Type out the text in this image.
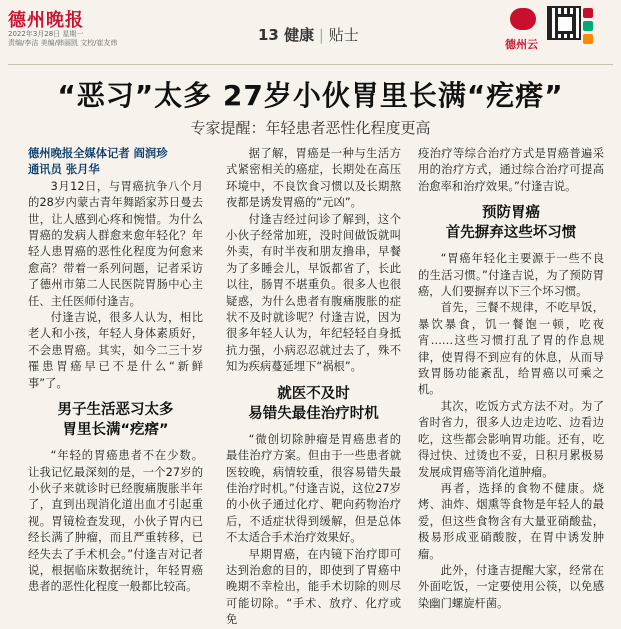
德州晚报
2022年3月28日 星期一
责编/李洁 美编/韩丽凯 文校/崔友炜	13 健康 | 贴士
德州云
“恶习”太多 27岁小伙胃里长满“疙瘩”
专家提醒：年轻患者恶性化程度更高

德州晚报全媒体记者 阎润珍

通讯员 张月华

3月12日，与胃癌抗争八个月的28岁内蒙古青年舞蹈家苏日曼去世，让人感到心疼和惋惜。为什么胃癌的发病人群愈来愈年轻化？年轻人患胃癌的恶性化程度为何愈来愈高？带着一系列问题，记者采访了德州市第二人民医院胃肠中心主任、主任医师付逢吉。

付逢吉说，很多人认为，相比老人和小孩，年轻人身体素质好，不会患胃癌。其实，如今二三十岁罹患胃癌早已不是什么“新鲜事”了。

男子生活恶习太多
胃里长满“疙瘩”

“年轻的胃癌患者不在少数。让我记忆最深刻的是，一个27岁的小伙子来就诊时已经腹痛腹胀半年了，直到出现消化道出血才引起重视。胃镜检查发现，小伙子胃内已经长满了肿瘤，而且严重转移，已经失去了手术机会。”付逢吉对记者说，根据临床数据统计，年轻胃癌患者的恶性化程度一般都比较高。

据了解，胃癌是一种与生活方式紧密相关的癌症，长期处在高压环境中，不良饮食习惯以及长期熬夜都是诱发胃癌的“元凶”。

付逢吉经过问诊了解到，这个小伙子经常加班，没时间做饭就叫外卖，有时半夜和朋友撸串，早餐为了多睡会儿，早饭都省了，长此以往，肠胃不堪重负。很多人也很疑惑，为什么患者有腹痛腹胀的症状不及时就诊呢？付逢吉说，因为很多年轻人认为，年纪轻轻自身抵抗力强，小病忍忍就过去了，殊不知为疾病蔓延埋下“祸根”。

就医不及时
易错失最佳治疗时机

“微创切除肿瘤是胃癌患者的最佳治疗方案。但由于一些患者就医较晚，病情较重，很容易错失最佳治疗时机。”付逢吉说，这位27岁的小伙子通过化疗、靶向药物治疗后，不适症状得到缓解，但是总体不太适合手术治疗效果好。

早期胃癌，在内镜下治疗即可达到治愈的目的，即使到了胃癌中晚期不幸检出，能手术切除的则尽可能切除。“手术、放疗、化疗或免

疫治疗等综合治疗方式是胃癌普遍采用的治疗方式，通过综合治疗可提高治愈率和治疗效果。”付逢吉说。

预防胃癌
首先摒弃这些坏习惯

“胃癌年轻化主要源于一些不良的生活习惯。”付逢吉说，为了预防胃癌，人们要摒弃以下三个坏习惯。

首先，三餐不规律，不吃早饭，暴饮暴食，饥一餐饱一顿，吃夜宵……这些习惯打乱了胃的作息规律，使胃得不到应有的休息，从而导致胃肠功能紊乱，给胃癌以可乘之机。

其次，吃饭方式方法不对。为了省时省力，很多人边走边吃、边看边吃，这些都会影响胃功能。还有，吃得过快、过烫也不妥，日积月累极易发展成胃癌等消化道肿瘤。

再者，选择的食物不健康。烧烤、油炸、烟熏等食物是年轻人的最爱，但这些食物含有大量亚硝酸盐，极易形成亚硝酸胺，在胃中诱发肿瘤。

此外，付逢吉提醒大家，经常在外面吃饭，一定要使用公筷，以免感染幽门螺旋杆菌。
